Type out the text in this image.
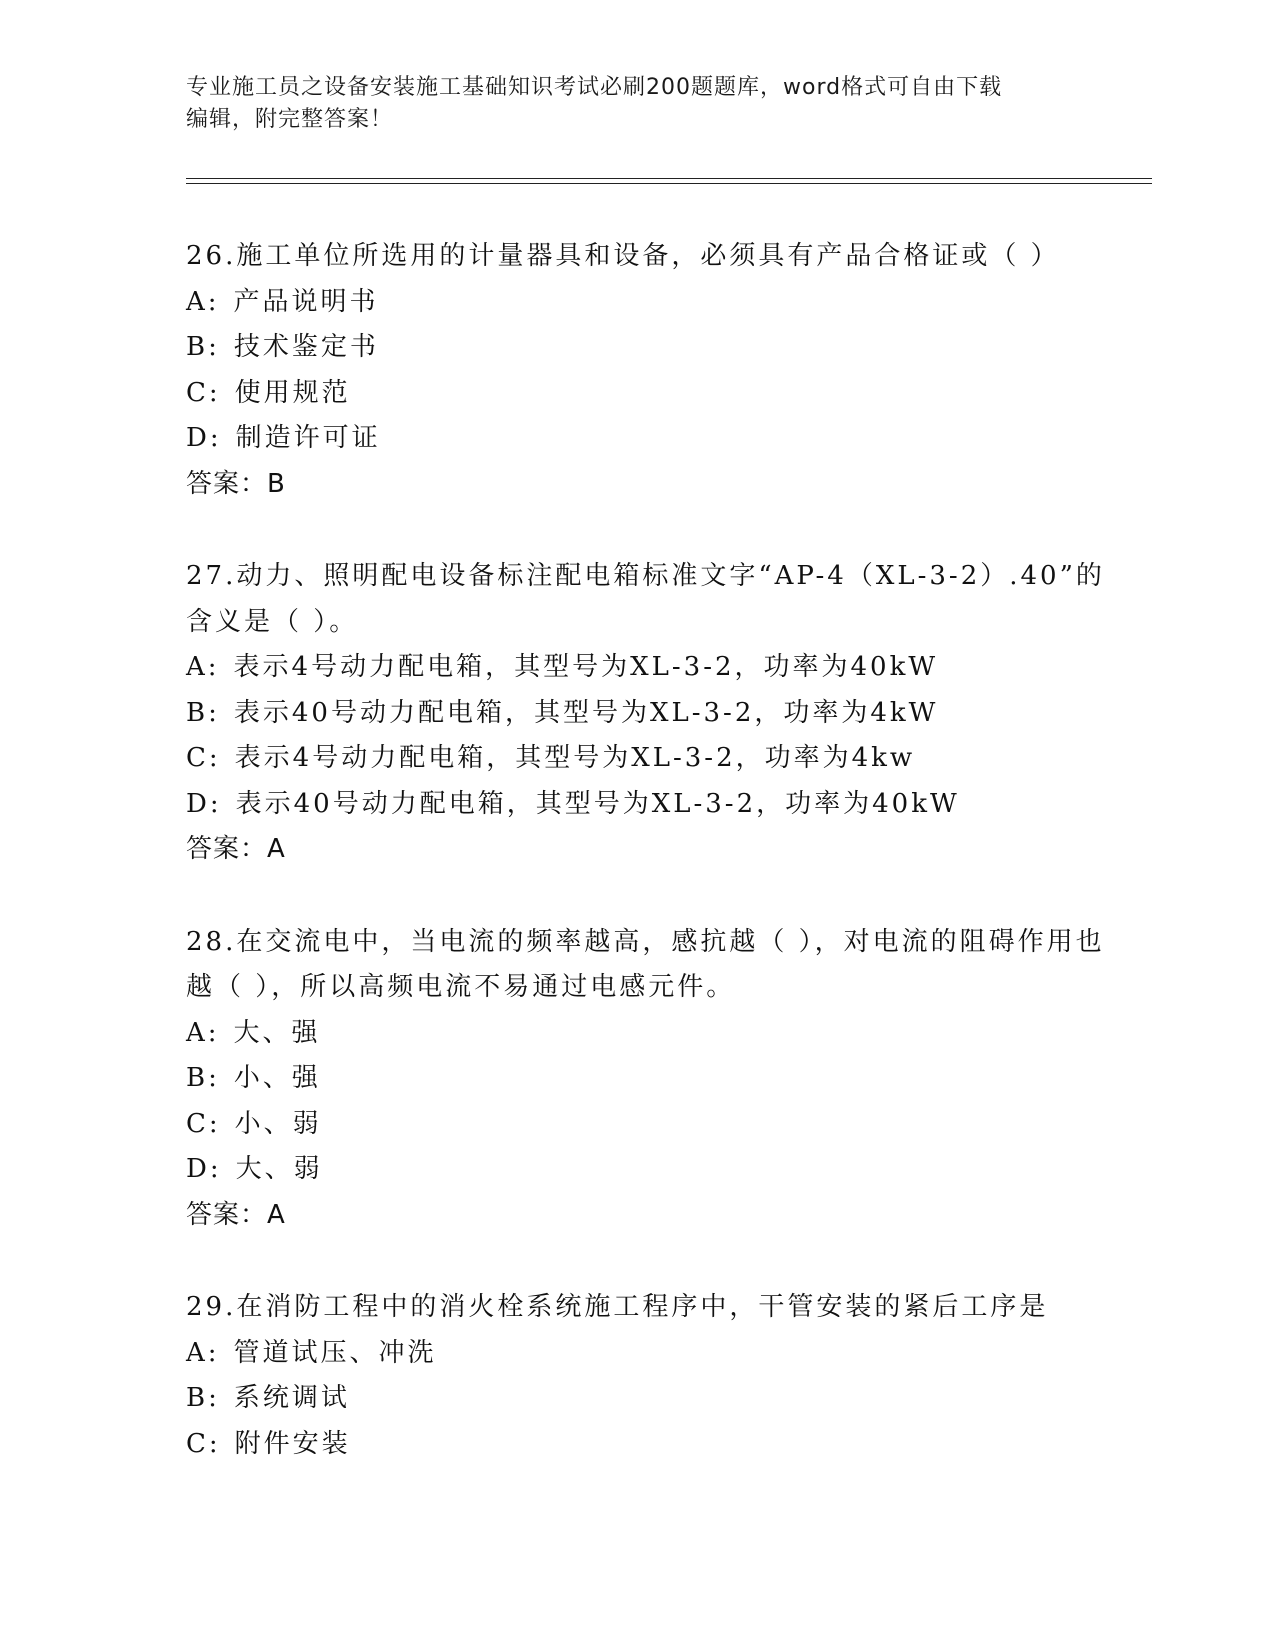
专业施工员之设备安装施工基础知识考试必刷200题题库，word格式可自由下载
编辑，附完整答案！
26.施工单位所选用的计量器具和设备，必须具有产品合格证或（ ）
A: 产品说明书
B: 技术鉴定书
C: 使用规范
D: 制造许可证
答案：B
27.动力、照明配电设备标注配电箱标准文字“AP-4（XL-3-2）.40”的含义是（ ）。
A: 表示4号动力配电箱，其型号为XL-3-2，功率为40kW
B: 表示40号动力配电箱，其型号为XL-3-2，功率为4kW
C: 表示4号动力配电箱，其型号为XL-3-2，功率为4kw
D: 表示40号动力配电箱，其型号为XL-3-2，功率为40kW
答案：A
28.在交流电中，当电流的频率越高，感抗越（ ），对电流的阻碍作用也越（ ），所以高频电流不易通过电感元件。
A: 大、强
B: 小、强
C: 小、弱
D: 大、弱
答案：A
29.在消防工程中的消火栓系统施工程序中，干管安装的紧后工序是
A: 管道试压、冲洗
B: 系统调试
C: 附件安装
